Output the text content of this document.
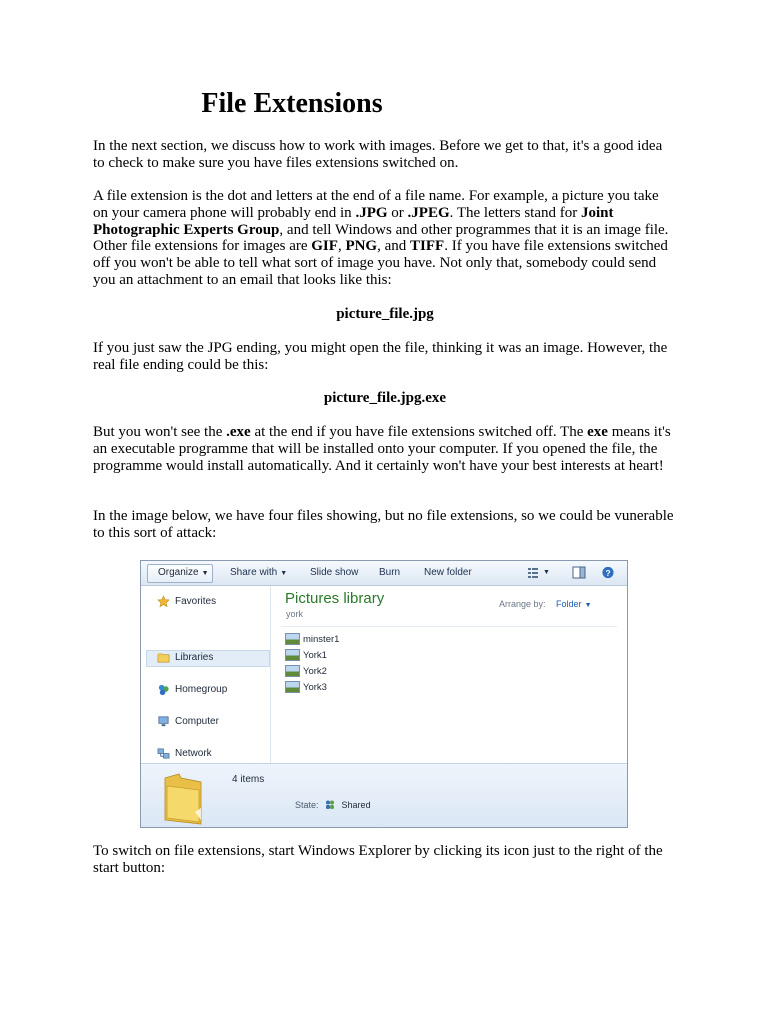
File Extensions

In the next section, we discuss how to work with images. Before we get to that, it's a good idea to check to make sure you have files extensions switched on.

A file extension is the dot and letters at the end of a file name. For example, a picture you take on your camera phone will probably end in .JPG or .JPEG. The letters stand for Joint Photographic Experts Group, and tell Windows and other programmes that it is an image file. Other file extensions for images are GIF, PNG, and TIFF. If you have file extensions switched off you won't be able to tell what sort of image you have. Not only that, somebody could send you an attachment to an email that looks like this:

picture_file.jpg

If you just saw the JPG ending, you might open the file, thinking it was an image. However, the real file ending could be this:

picture_file.jpg.exe

But you won't see the .exe at the end if you have file extensions switched off. The exe means it's an executable programme that will be installed onto your computer. If you opened the file, the programme would install automatically. And it certainly won't have your best interests at heart!

In the image below, we have four files showing, but no file extensions, so we could be vunerable to this sort of attack:

To switch on file extensions, start Windows Explorer by clicking its icon just to the right of the start button:

Organize ▼ Share with ▼ Slide show Burn New folder	▼	?
Favorites
Libraries
Homegroup
Computer
Network
Pictures library
york
Arrange by: Folder ▼
minster1
York1
York2
York3
4 items
State:	Shared
